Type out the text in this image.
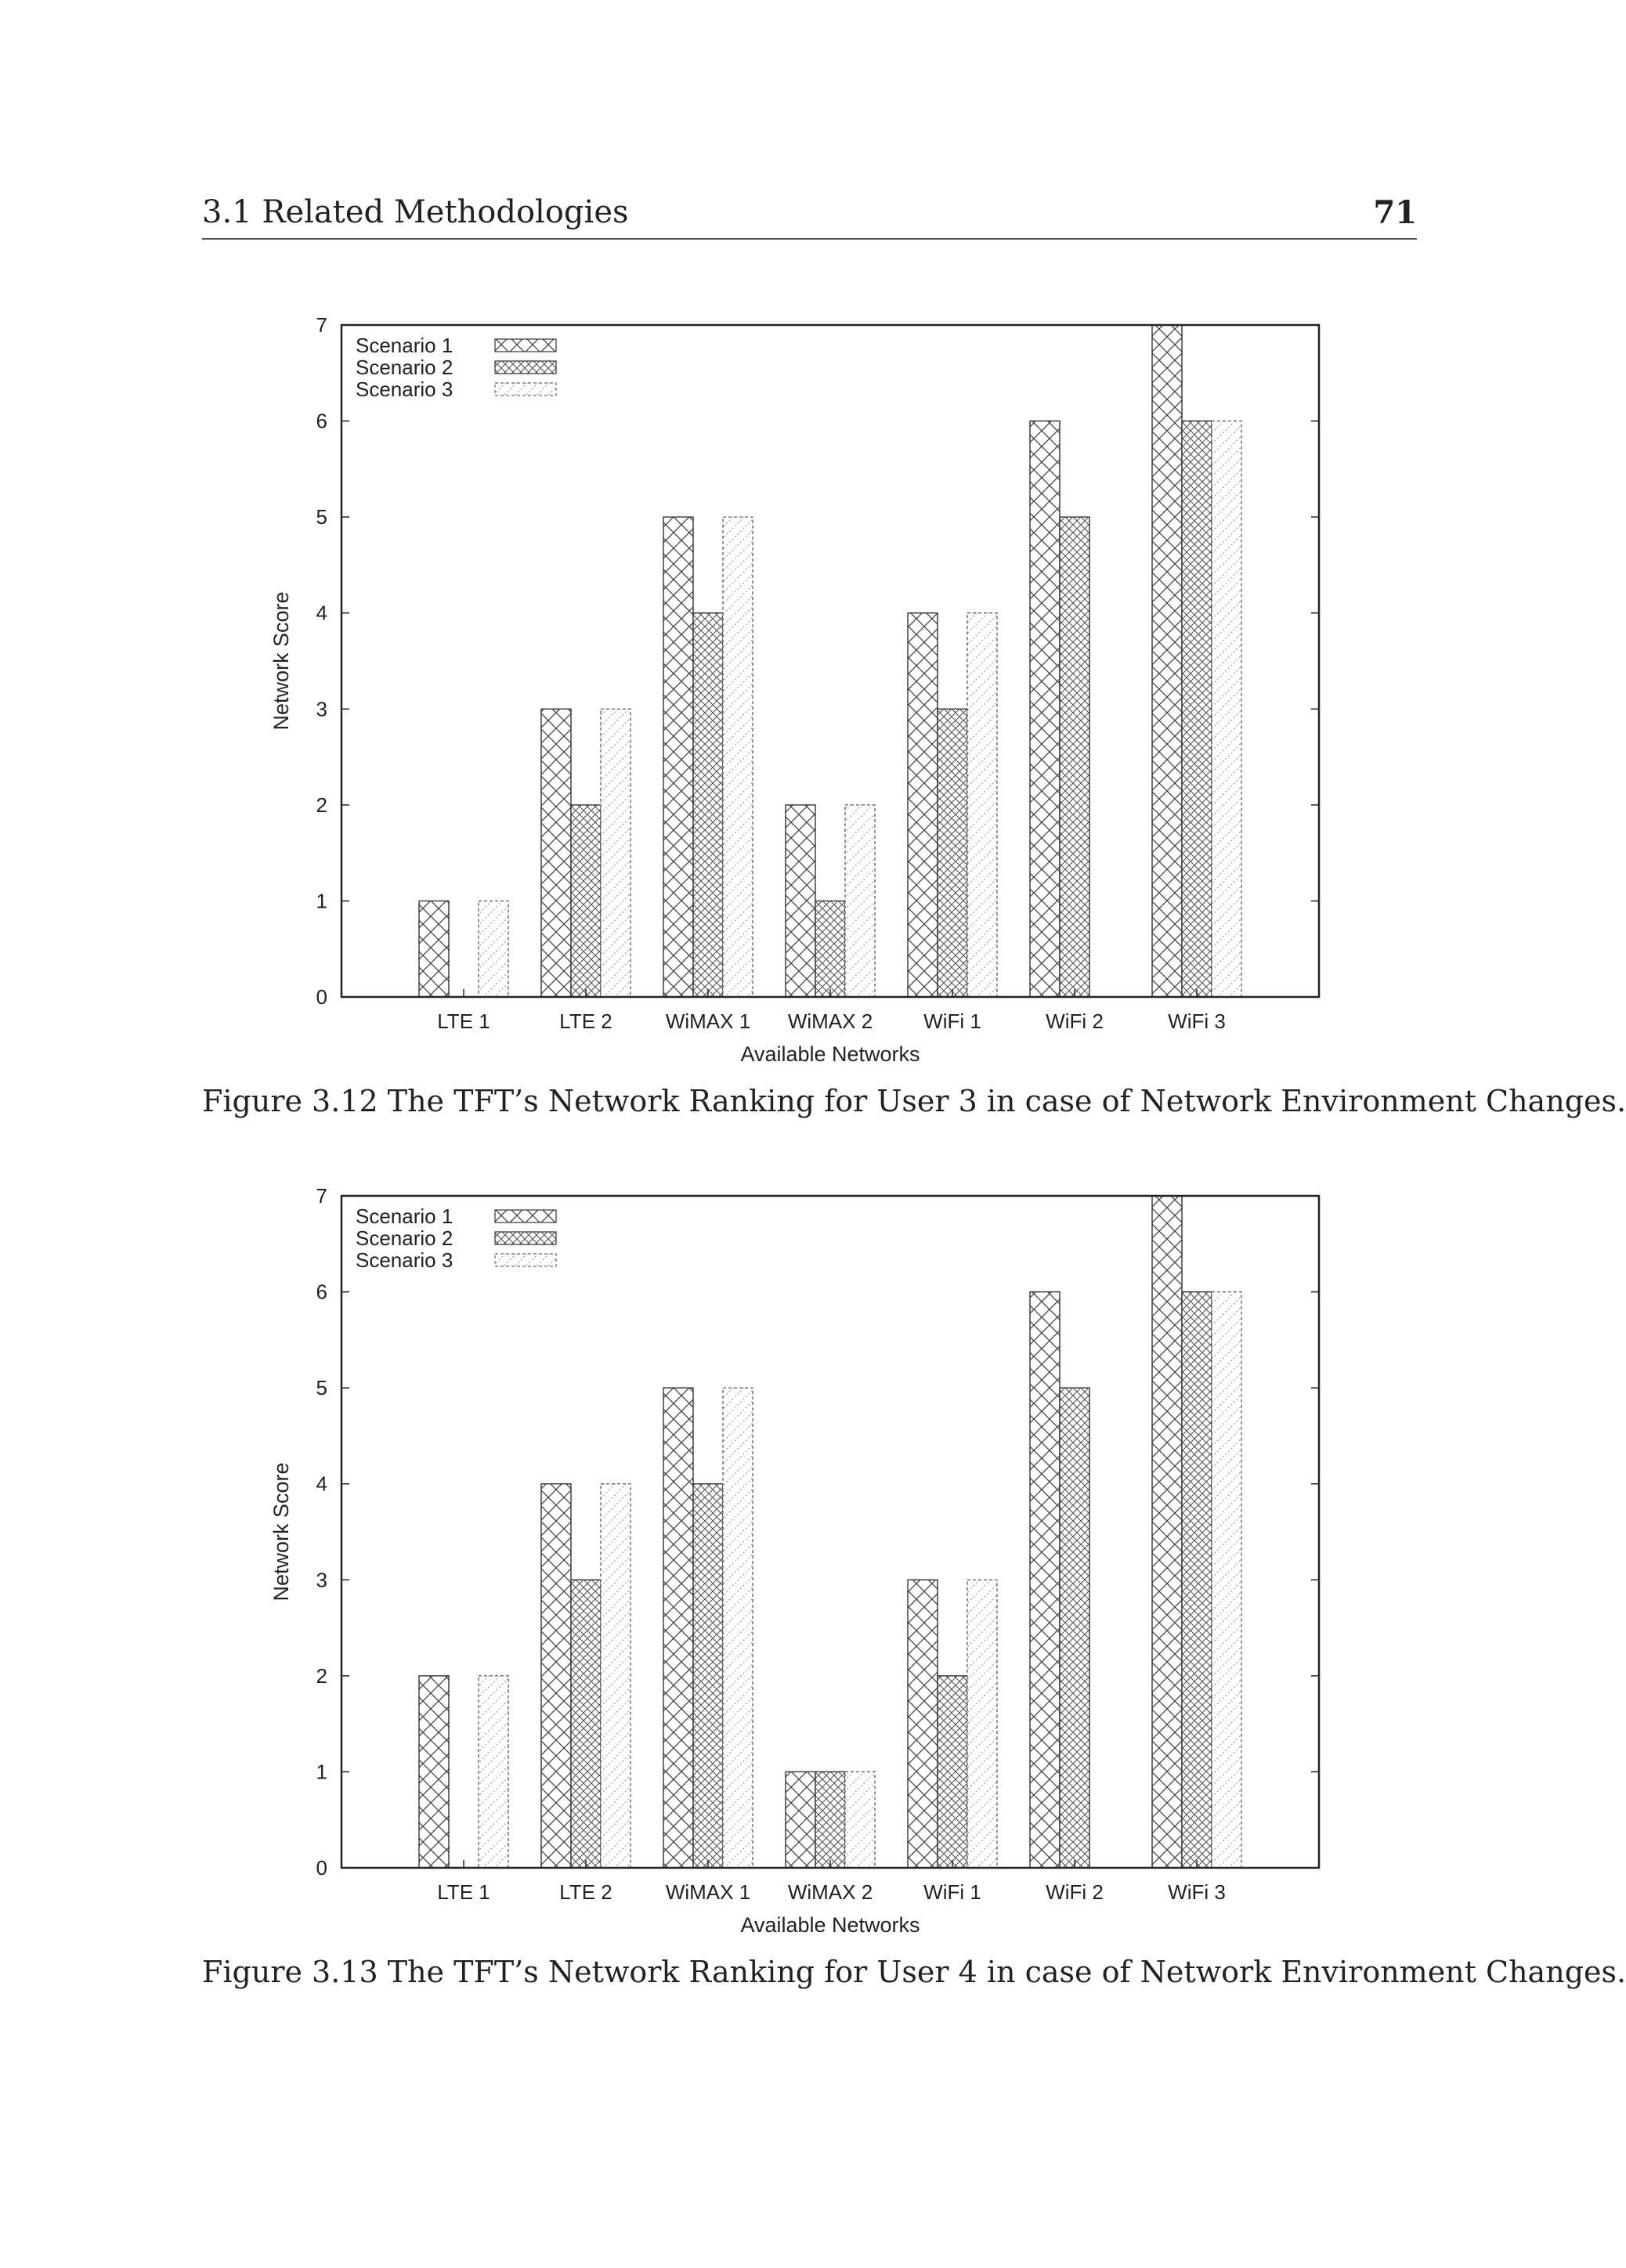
3.1 Related Methodologies	71
0
1
2
3
4
5
6
7
LTE 1	LTE 2	WiMAX 1 WiMAX 2 WiFi 1	WiFi 2	WiFi 3
Available Networks
Network Score
Scenario 1
Scenario 2
Scenario 3
Figure 3.12 The TFT’s Network Ranking for User 3 in case of Network Environment Changes.
0
1
2
3
4
5
6
7
LTE 1	LTE 2	WiMAX 1 WiMAX 2 WiFi 1	WiFi 2	WiFi 3
Available Networks
Network Score
Scenario 1
Scenario 2
Scenario 3
Figure 3.13 The TFT’s Network Ranking for User 4 in case of Network Environment Changes.
